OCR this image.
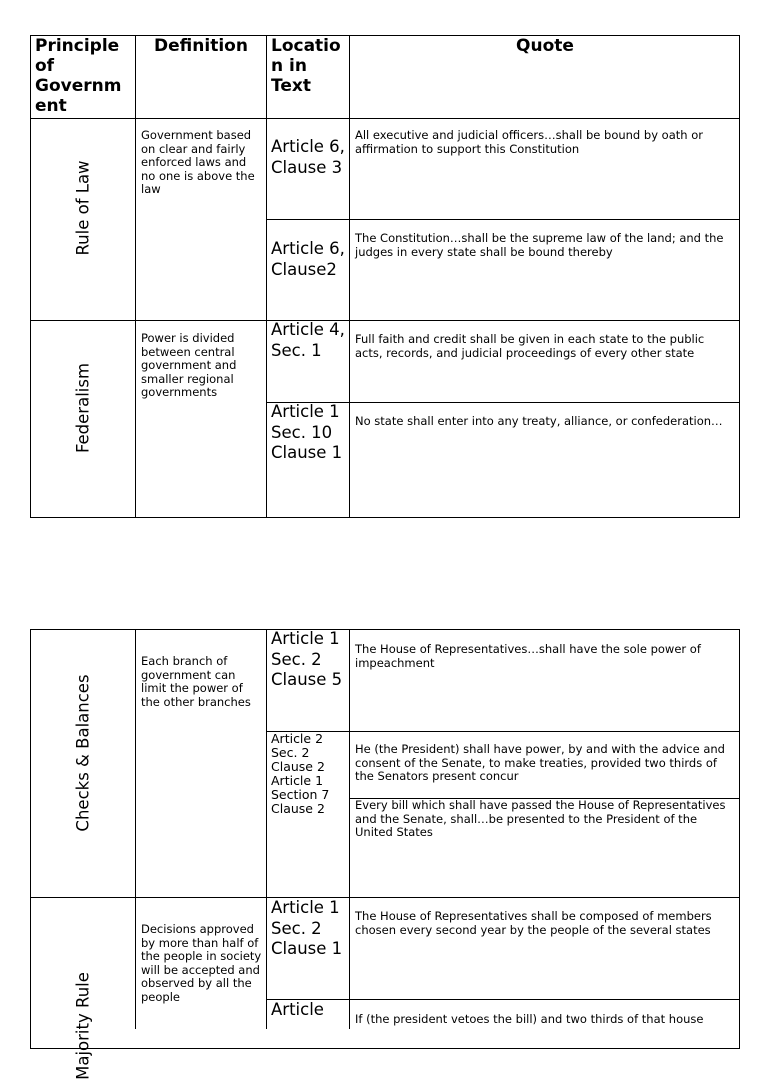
Principle of Governm ent
Definition	Locatio n in Text
Quote
Rule of Law
Government based on clear and fairly enforced laws and no one is above the law
Article 6, Clause 3
All executive and judicial officers…shall be bound by oath or affirmation to support this Constitution
Article 6, Clause2
The Constitution…shall be the supreme law of the land; and the judges in every state shall be bound thereby
Federalism
Power is divided between central government and smaller regional governments
Article 4, Sec. 1
Full faith and credit shall be given in each state to the public acts, records, and judicial proceedings of every other state
Article 1 Sec. 10 Clause 1
No state shall enter into any treaty, alliance, or confederation…
Checks & Balances
Each branch of government can limit the power of the other branches
Article 1 Sec. 2 Clause 5
The House of Representatives…shall have the sole power of impeachment
Article 2 Sec. 2 Clause 2 Article 1 Section 7 Clause 2
He (the President) shall have power, by and with the advice and consent of the Senate, to make treaties, provided two thirds of the Senators present concur
Every bill which shall have passed the House of Representatives and the Senate, shall…be presented to the President of the United States
Majority Rule
Decisions approved by more than half of the people in society will be accepted and observed by all the people
Article 1 Sec. 2 Clause 1
The House of Representatives shall be composed of members chosen every second year by the people of the several states
Article	If (the president vetoes the bill) and two thirds of that house
